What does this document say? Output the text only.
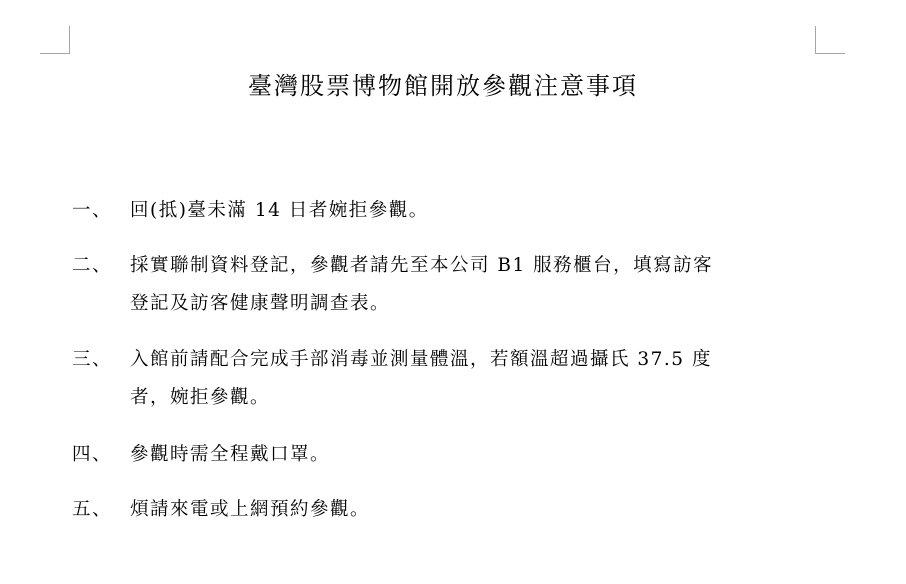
臺灣股票博物館開放參觀注意事項
一、 回(抵)臺未滿 14 日者婉拒參觀。
二、 採實聯制資料登記，參觀者請先至本公司 B1 服務櫃台，填寫訪客
登記及訪客健康聲明調查表。
三、 入館前請配合完成手部消毒並測量體溫，若額溫超過攝氏 37.5 度
者，婉拒參觀。
四、 參觀時需全程戴口罩。
五、 煩請來電或上網預約參觀。
